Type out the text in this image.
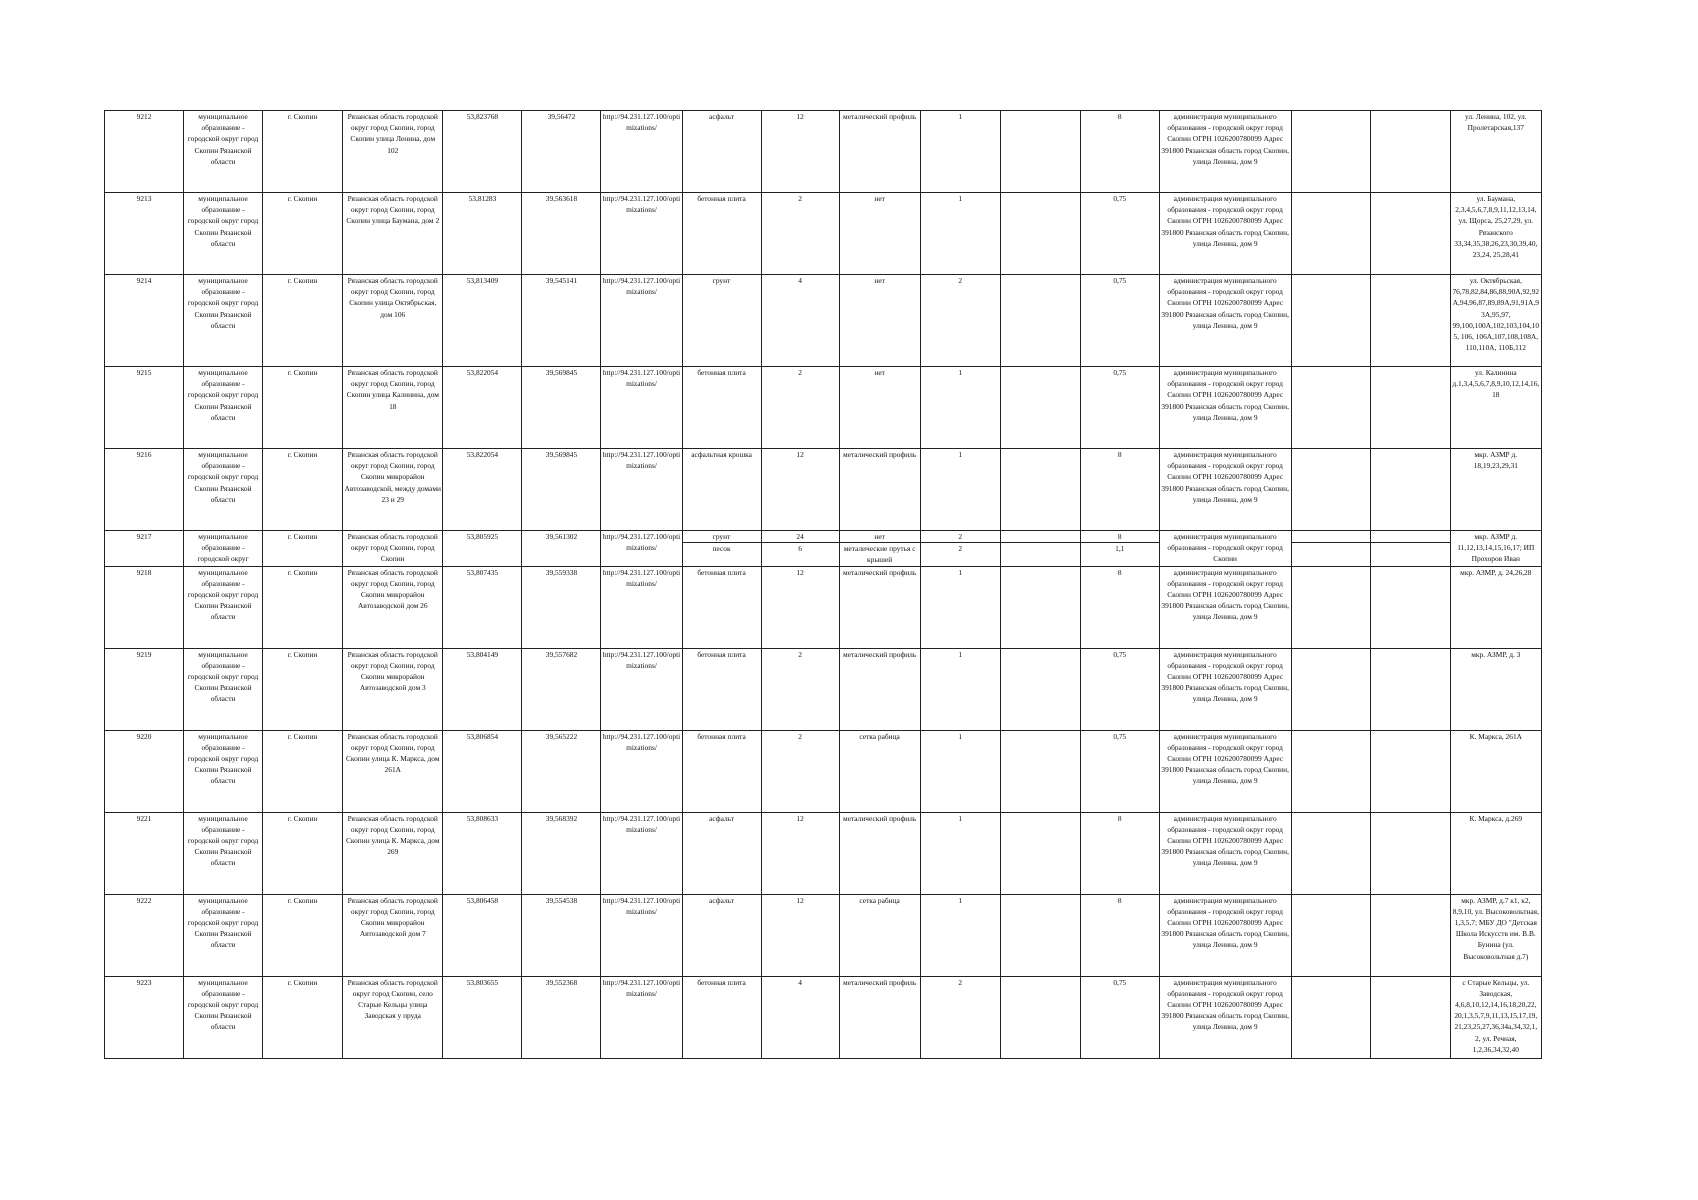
9212	муниципальное образование - городской округ город Скопин Рязанской области	г. Скопин	Рязанская область городской округ город Скопин, город Скопин улица Ленина, дом 102	53,823768	39,56472	http://94.231.127.100/optimizations/	асфальт	12	металический профиль	1		8	администрация муниципального образования - городской округ город Скопин ОГРН 1026200780099 Адрес 391800 Рязанская область город Скопин, улица Ленина, дом 9			ул. Ленина, 102, ул. Пролетарская,137
9213	муниципальное образование - городской округ город Скопин Рязанской области	г. Скопин	Рязанская область городской округ город Скопин, город Скопин улица Баумана, дом 2	53,81283	39,563618	http://94.231.127.100/optimizations/	бетонная плита	2	нет	1		0,75	администрация муниципального образования - городской округ город Скопин ОГРН 1026200780099 Адрес 391800 Рязанская область город Скопин, улица Ленина, дом 9			ул. Баумана, 2,3,4,5,6,7,8,9,11,12,13,14, ул. Щорса, 25,27,29, ул. Рязанского 33,34,35,38,26,23,30,39,40, 23,24, 25,28,41
9214	муниципальное образование - городской округ город Скопин Рязанской области	г. Скопин	Рязанская область городской округ город Скопин, город Скопин улица Октябрьская, дом 106	53,813409	39,545141	http://94.231.127.100/optimizations/	грунт	4	нет	2		0,75	администрация муниципального образования - городской округ город Скопин ОГРН 1026200780099 Адрес 391800 Рязанская область город Скопин, улица Ленина, дом 9			ул. Октябрьская, 76,78,82,84,86,88,90А,92,92А,94,96,87,89,89А,91,91А,93А,95,97, 99,100,100А,102,103,104,105, 106, 106А,107,108,108А, 110,110А, 110Б,112
9215	муниципальное образование - городской округ город Скопин Рязанской области	г. Скопин	Рязанская область городской округ город Скопин, город Скопин улица Калинина, дом 18	53,822054	39,569845	http://94.231.127.100/optimizations/	бетонная плита	2	нет	1		0,75	администрация муниципального образования - городской округ город Скопин ОГРН 1026200780099 Адрес 391800 Рязанская область город Скопин, улица Ленина, дом 9			ул. Калинина д.1,3,4,5,6,7,8,9,10,12,14,16,18
9216	муниципальное образование - городской округ город Скопин Рязанской области	г. Скопин	Рязанская область городской округ город Скопин, город Скопин микрорайон Автозаводской, между домами 23 и 29	53,822054	39,569845	http://94.231.127.100/optimizations/	асфальтная крошка	12	металический профиль	1		8	администрация муниципального образования - городской округ город Скопин ОГРН 1026200780099 Адрес 391800 Рязанская область город Скопин, улица Ленина, дом 9			мкр. АЗМР д. 18,19,23,29,31
9217	муниципальное образование - городской округ	г. Скопин	Рязанская область городской округ город Скопин, город Скопин	53,805925	39,561302	http://94.231.127.100/optimizations/	грунт	24	нет	2		8	администрация муниципального образования - городской округ город Скопин			мкр. АЗМР д. 11,12,13,14,15,16,17; ИП Прохоров Иван
							песок	6	металические прутья с крышей	2		1,1				
9218	муниципальное образование - городской округ город Скопин Рязанской области	г. Скопин	Рязанская область городской округ город Скопин, город Скопин микрорайон Автозаводской дом 26	53,807435	39,559338	http://94.231.127.100/optimizations/	бетонная плита	12	металический профиль	1		8	администрация муниципального образования - городской округ город Скопин ОГРН 1026200780099 Адрес 391800 Рязанская область город Скопин, улица Ленина, дом 9			мкр. АЗМР, д. 24,26,28
9219	муниципальное образование - городской округ город Скопин Рязанской области	г. Скопин	Рязанская область городской округ город Скопин, город Скопин микрорайон Автозаводской дом 3	53,804149	39,557682	http://94.231.127.100/optimizations/	бетонная плита	2	металический профиль	1		0,75	администрация муниципального образования - городской округ город Скопин ОГРН 1026200780099 Адрес 391800 Рязанская область город Скопин, улица Ленина, дом 9			мкр. АЗМР, д. 3
9220	муниципальное образование - городской округ город Скопин Рязанской области	г. Скопин	Рязанская область городской округ город Скопин, город Скопин улица К. Маркса, дом 261А	53,806854	39,565222	http://94.231.127.100/optimizations/	бетонная плита	2	сетка рабица	1		0,75	администрация муниципального образования - городской округ город Скопин ОГРН 1026200780099 Адрес 391800 Рязанская область город Скопин, улица Ленина, дом 9			К. Маркса, 261А
9221	муниципальное образование - городской округ город Скопин Рязанской области	г. Скопин	Рязанская область городской округ город Скопин, город Скопин улица К. Маркса, дом 269	53,808633	39,568392	http://94.231.127.100/optimizations/	асфальт	12	металический профиль	1		8	администрация муниципального образования - городской округ город Скопин ОГРН 1026200780099 Адрес 391800 Рязанская область город Скопин, улица Ленина, дом 9			К. Маркса, д.269
9222	муниципальное образование - городской округ город Скопин Рязанской области	г. Скопин	Рязанская область городской округ город Скопин, город Скопин микрорайон Автозаводской дом 7	53,806458	39,554538	http://94.231.127.100/optimizations/	асфальт	12	сетка рабица	1		8	администрация муниципального образования - городской округ город Скопин ОГРН 1026200780099 Адрес 391800 Рязанская область город Скопин, улица Ленина, дом 9			мкр. АЗМР, д.7 к1, к2, 8,9,10, ул. Высоковольтная, 1,3,5,7; МБУ ДО "Детская Школа Искусств им. В.В. Бунина (ул. Высоковольтная д.7)
9223	муниципальное образование - городской округ город Скопин Рязанской области	г. Скопин	Рязанская область городской округ город Скопин, село Старые Кельцы улица Заводская у пруда	53,803655	39,552368	http://94.231.127.100/optimizations/	бетонная плита	4	металический профиль	2		0,75	администрация муниципального образования - городской округ город Скопин ОГРН 1026200780099 Адрес 391800 Рязанская область город Скопин, улица Ленина, дом 9			с Старые Кельцы, ул. Заводская, 4,6,8,10,12,14,16,18,20,22, 20,1,3,5,7,9,11,13,15,17,19, 21,23,25,27,36,34а,34,32,1, 2, ул. Речная, 1,2,36,34,32,40
